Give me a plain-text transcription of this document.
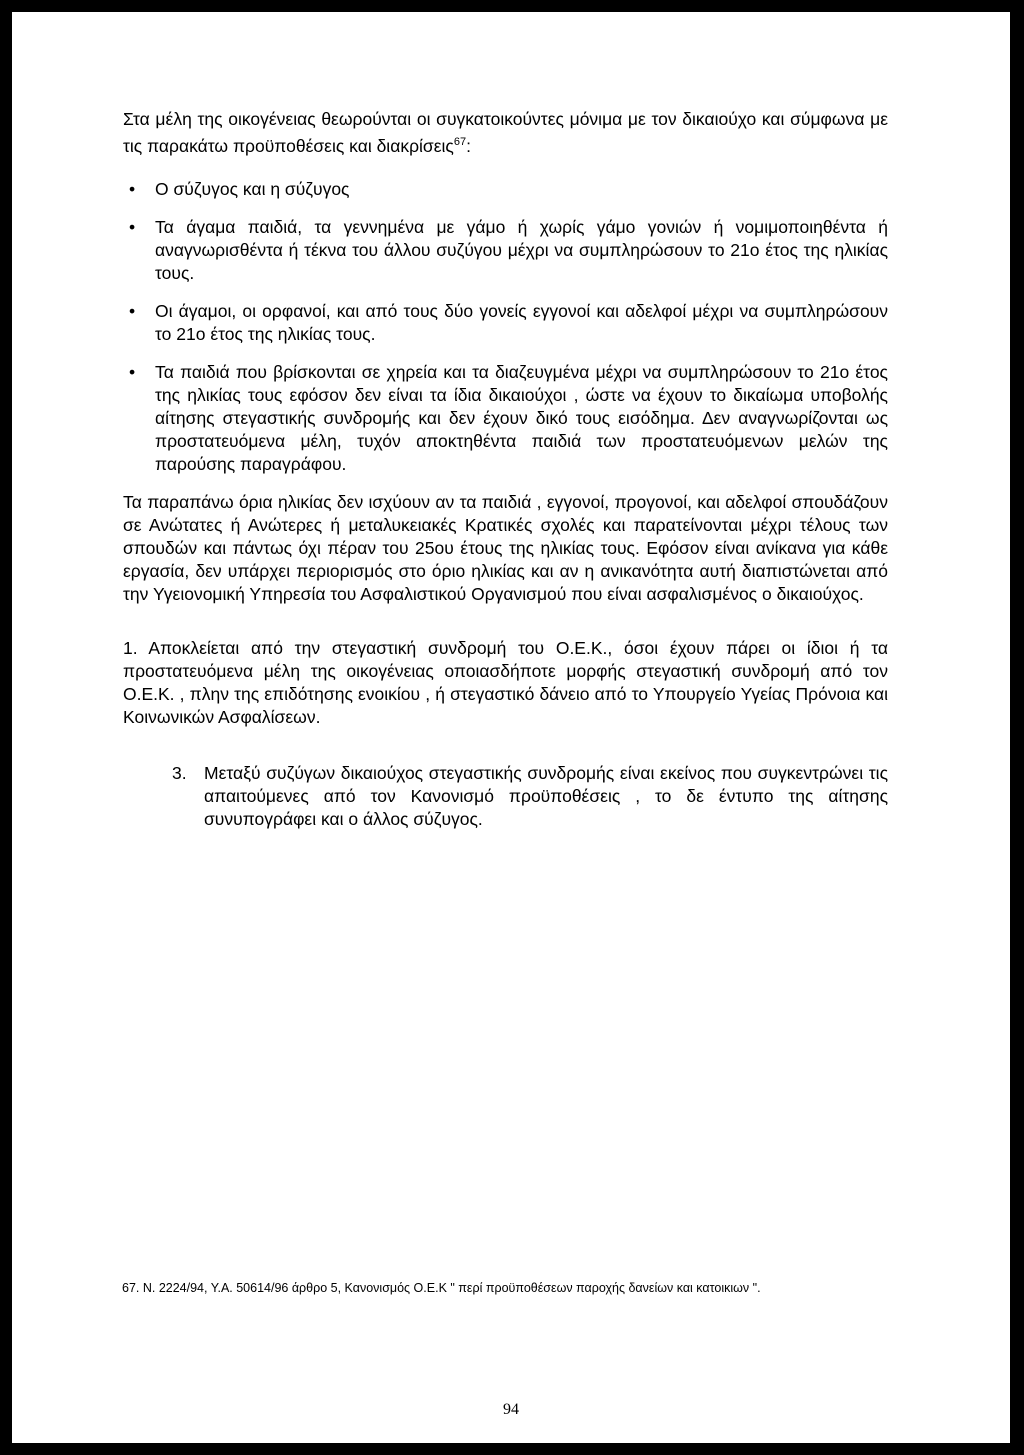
Στα μέλη της οικογένειας θεωρούνται οι συγκατοικούντες μόνιμα με τον δικαιούχο και σύμφωνα με τις παρακάτω προϋποθέσεις και διακρίσεις$^{67}$:

• Ο σύζυγος και η σύζυγος
• Τα άγαμα παιδιά, τα γεννημένα με γάμο ή χωρίς γάμο γονιών ή νομιμοποιηθέντα ή αναγνωρισθέντα ή τέκνα του άλλου συζύγου μέχρι να συμπληρώσουν το 21ο έτος της ηλικίας τους.
• Οι άγαμοι, οι ορφανοί, και από τους δύο γονείς εγγονοί και αδελφοί μέχρι να συμπληρώσουν το 21ο έτος της ηλικίας τους.
• Τα παιδιά που βρίσκονται σε χηρεία και τα διαζευγμένα μέχρι να συμπληρώσουν το 21ο έτος της ηλικίας τους εφόσον δεν είναι τα ίδια δικαιούχοι , ώστε να έχουν το δικαίωμα υποβολής αίτησης στεγαστικής συνδρομής και δεν έχουν δικό τους εισόδημα. Δεν αναγνωρίζονται ως προστατευόμενα μέλη, τυχόν αποκτηθέντα παιδιά των προστατευόμενων μελών της παρούσης παραγράφου.

Τα παραπάνω όρια ηλικίας δεν ισχύουν αν τα παιδιά , εγγονοί, προγονοί, και αδελφοί σπουδάζουν σε Ανώτατες ή Ανώτερες ή μεταλυκειακές Κρατικές σχολές και παρατείνονται μέχρι τέλους των σπουδών και πάντως όχι πέραν του 25ου έτους της ηλικίας τους. Εφόσον είναι ανίκανα για κάθε εργασία, δεν υπάρχει περιορισμός στο όριο ηλικίας και αν η ανικανότητα αυτή διαπιστώνεται από την Υγειονομική Υπηρεσία του Ασφαλιστικού Οργανισμού που είναι ασφαλισμένος ο δικαιούχος.

1. Αποκλείεται από την στεγαστική συνδρομή του Ο.Ε.Κ., όσοι έχουν πάρει οι ίδιοι ή τα προστατευόμενα μέλη της οικογένειας οποιασδήποτε μορφής στεγαστική συνδρομή από τον Ο.Ε.Κ. , πλην της επιδότησης ενοικίου , ή στεγαστικό δάνειο από το Υπουργείο Υγείας Πρόνοια και Κοινωνικών Ασφαλίσεων.

3. Μεταξύ συζύγων δικαιούχος στεγαστικής συνδρομής είναι εκείνος που συγκεντρώνει τις απαιτούμενες από τον Κανονισμό προϋποθέσεις , το δε έντυπο της αίτησης συνυπογράφει και ο άλλος σύζυγος.

67. Ν. 2224/94, Υ.Α. 50614/96 άρθρο 5, Κανονισμός Ο.Ε.Κ " περί προϋποθέσεων παροχής δανείων και κατοικιων ".
94
